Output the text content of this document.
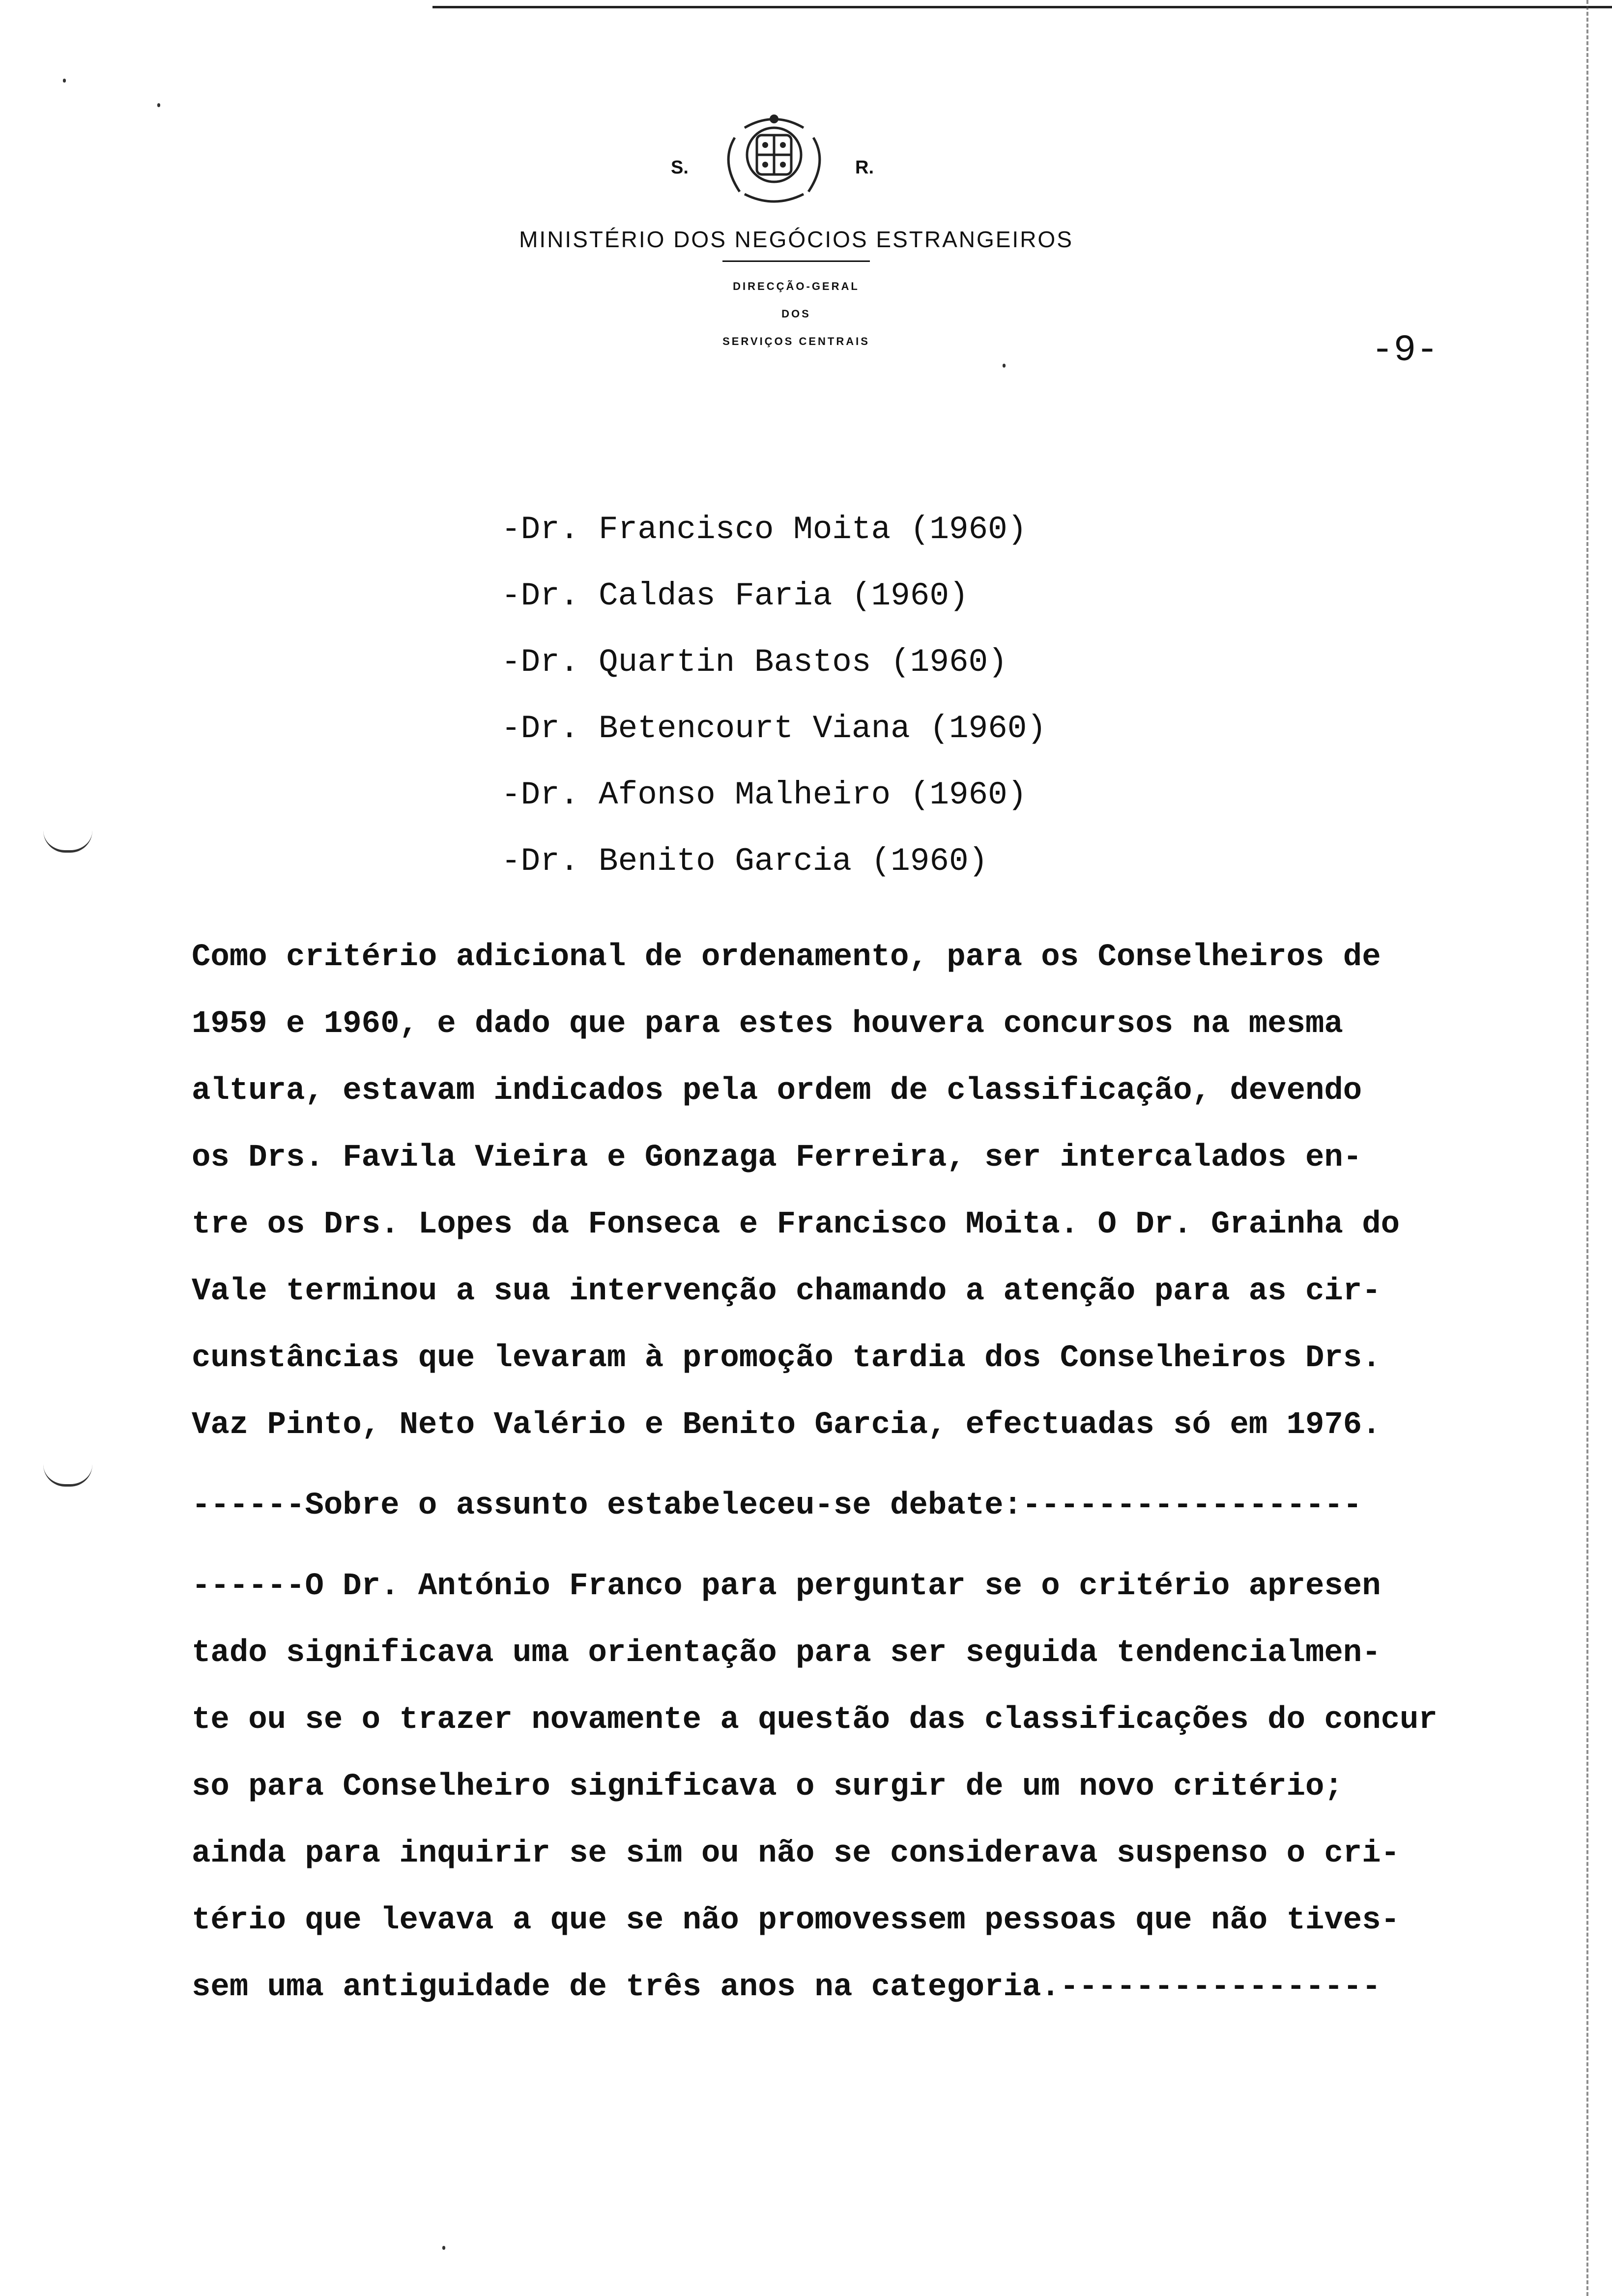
S.	R.
MINISTÉRIO DOS NEGÓCIOS ESTRANGEIROS
DIRECÇÃO-GERAL
DOS
SERVIÇOS CENTRAIS	-9-
-Dr. Francisco Moita (1960)
-Dr. Caldas Faria (1960)
-Dr. Quartin Bastos (1960)
-Dr. Betencourt Viana (1960)
-Dr. Afonso Malheiro (1960)
-Dr. Benito Garcia (1960)
Como critério adicional de ordenamento, para os Conselheiros de
1959 e 1960, e dado que para estes houvera concursos na mesma
altura, estavam indicados pela ordem de classificação, devendo
os Drs. Favila Vieira e Gonzaga Ferreira, ser intercalados en-
tre os Drs. Lopes da Fonseca e Francisco Moita. O Dr. Grainha do
Vale terminou a sua intervenção chamando a atenção para as cir-
cunstâncias que levaram à promoção tardia dos Conselheiros Drs.
Vaz Pinto, Neto Valério e Benito Garcia, efectuadas só em 1976.
------Sobre o assunto estabeleceu-se debate:------------------
------O Dr. António Franco para perguntar se o critério apresen
tado significava uma orientação para ser seguida tendencialmen-
te ou se o trazer novamente a questão das classificações do concur
so para Conselheiro significava o surgir de um novo critério;
ainda para inquirir se sim ou não se considerava suspenso o cri-
tério que levava a que se não promovessem pessoas que não tives-
sem uma antiguidade de três anos na categoria.-----------------
